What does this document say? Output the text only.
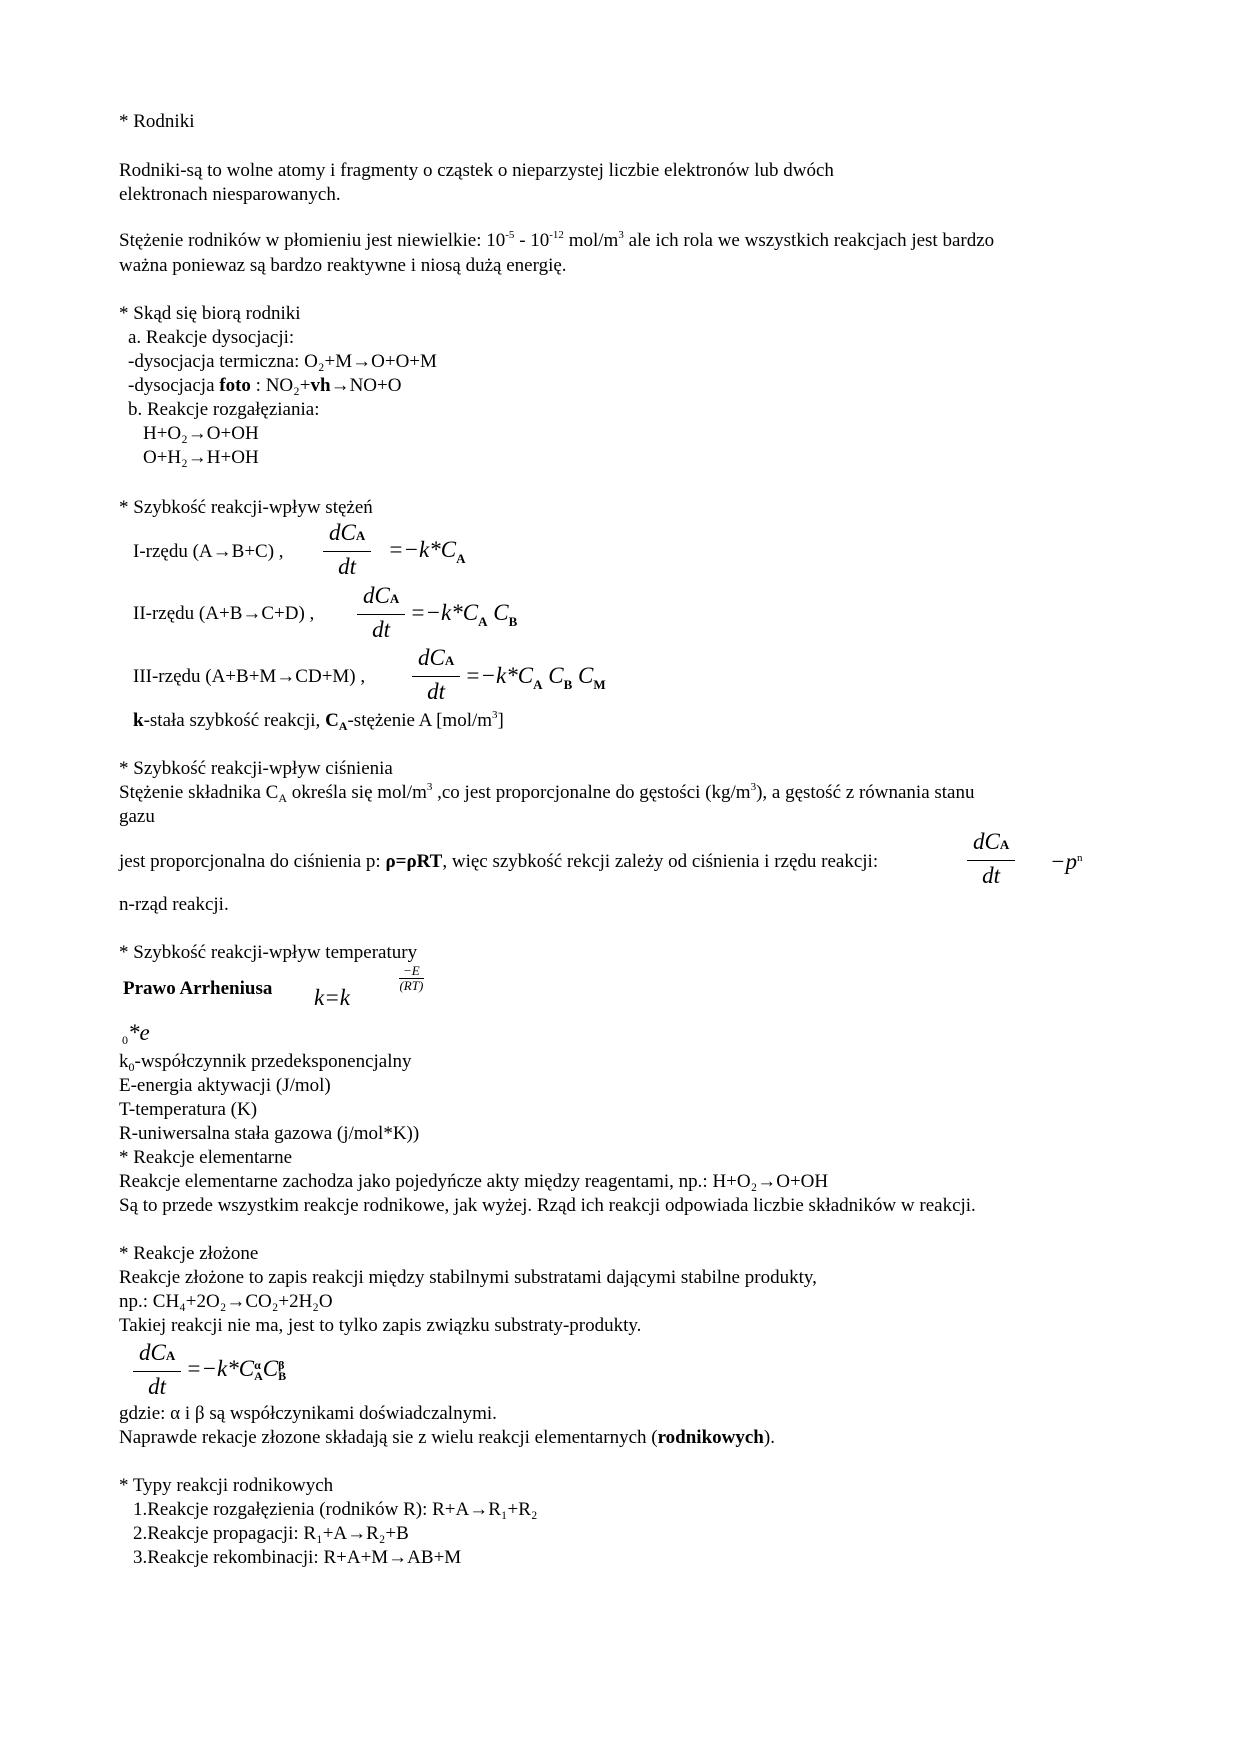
* Rodniki
Rodniki-są to wolne atomy i fragmenty o cząstek o nieparzystej liczbie elektronów lub dwóch
elektronach niesparowanych.
Stężenie rodników w płomieniu jest niewielkie: $10^{-5} - 10^{-12}$ mol/$m^3$ ale ich rola we wszystkich reakcjach jest bardzo
ważna poniewaz są bardzo reaktywne i niosą dużą energię.
* Skąd się biorą rodniki
a. Reakcje dysocjacji:
-dysocjacja termiczna: O₂+M→O+O+M
-dysocjacja foto : NO₂+vh→NO+O
b. Reakcje rozgałęziania:
H+O₂→O+OH
O+H₂→H+OH
* Szybkość reakcji-wpływ stężeń
I-rzędu (A→B+C) ,
dCA
dt
$=-k*C_A$
II-rzędu (A+B→C+D) ,
dCA
dt
$=-k*C_A$ $C_B$
III-rzędu (A+B+M→CD+M) ,
dCA
dt
$=-k*C_A$ $C_B$ $C_M$
k-stała szybkość reakcji, $C_A$-stężenie A $[mol/m^3]$
* Szybkość reakcji-wpływ ciśnienia
Stężenie składnika $C_A$ określa się mol/$m^3$ ,co jest proporcjonalne do gęstości $(kg/m^3)$, a gęstość z równania stanu
gazu
jest proporcjonalna do ciśnienia p: ρ=ρRT, więc szybkość rekcji zależy od ciśnienia i rzędu reakcji:
dCA
dt
$-p^n$
n-rząd reakcji.
* Szybkość reakcji-wpływ temperatury
Prawo Arrheniusa k=k
$\frac{-E}{(RT)}$
$_0$*e
$k_0$-współczynnik przedeksponencjalny
E-energia aktywacji (J/mol)
T-temperatura (K)
R-uniwersalna stała gazowa (j/mol*K))
* Reakcje elementarne
Reakcje elementarne zachodza jako pojedyńcze akty między reagentami, np.: H+O₂→O+OH
Są to przede wszystkim reakcje rodnikowe, jak wyżej. Rząd ich reakcji odpowiada liczbie składników w reakcji.
* Reakcje złożone
Reakcje złożone to zapis reakcji między stabilnymi substratami dającymi stabilne produkty,
np.: CH₄+2O₂→CO₂+2H₂O
Takiej reakcji nie ma, jest to tylko zapis związku substraty-produkty.
dCA
dt
=−k*C α
A C β
B
gdzie: α i β są współczynikami doświadczalnymi.
Naprawde rekacje złozone składają sie z wielu reakcji elementarnych (rodnikowych).
* Typy reakcji rodnikowych
1.Reakcje rozgałęzienia (rodników R): R+A→R₁+R₂
2.Reakcje propagacji: R₁+A→R₂+B
3.Reakcje rekombinacji: R+A+M→AB+M
